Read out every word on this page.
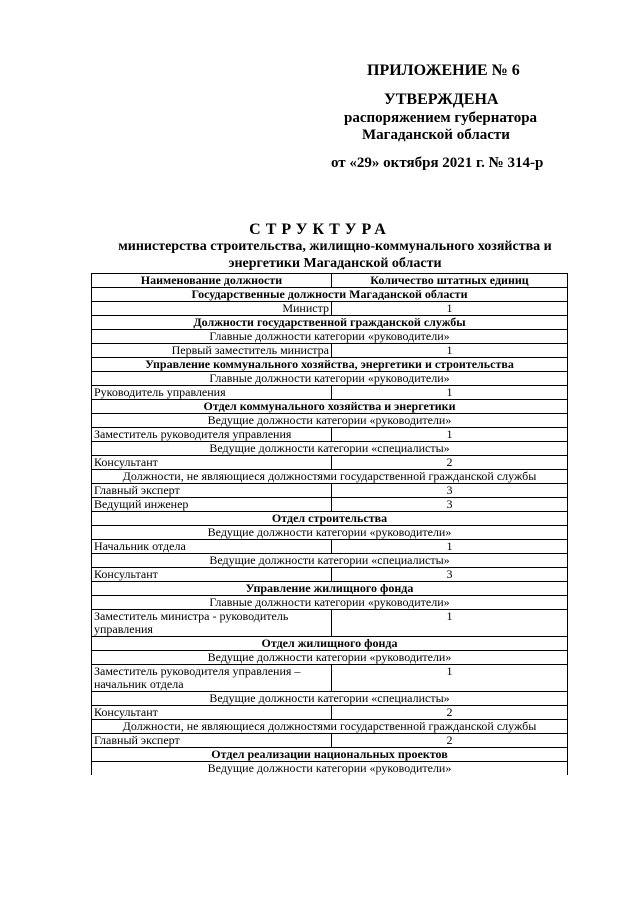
ПРИЛОЖЕНИЕ № 6
УТВЕРЖДЕНА
распоряжением губернатора
Магаданской области
от «29» октября 2021 г. № 314-р
СТРУКТУРА
министерства строительства, жилищно-коммунального хозяйства и энергетики Магаданской области
Наименование должности	Количество штатных единиц
Государственные должности Магаданской области	
Министр	1
Должности государственной гражданской службы	
Главные должности категории «руководители»	
Первый заместитель министра	1
Управление коммунального хозяйства, энергетики и строительства	
Главные должности категории «руководители»	
Руководитель управления	1
Отдел коммунального хозяйства и энергетики	
Ведущие должности категории «руководители»	
Заместитель руководителя управления	1
Ведущие должности категории «специалисты»	
Консультант	2
Должности, не являющиеся должностями государственной гражданской службы	
Главный эксперт	3
Ведущий инженер	3
Отдел строительства	
Ведущие должности категории «руководители»	
Начальник отдела	1
Ведущие должности категории «специалисты»	
Консультант	3
Управление жилищного фонда	
Главные должности категории «руководители»	
Заместитель министра - руководитель управления	1
Отдел жилищного фонда	
Ведущие должности категории «руководители»	
Заместитель руководителя управления – начальник отдела	1
Ведущие должности категории «специалисты»	
Консультант	2
Должности, не являющиеся должностями государственной гражданской службы	
Главный эксперт	2
Отдел реализации национальных проектов	
Ведущие должности категории «руководители»	
